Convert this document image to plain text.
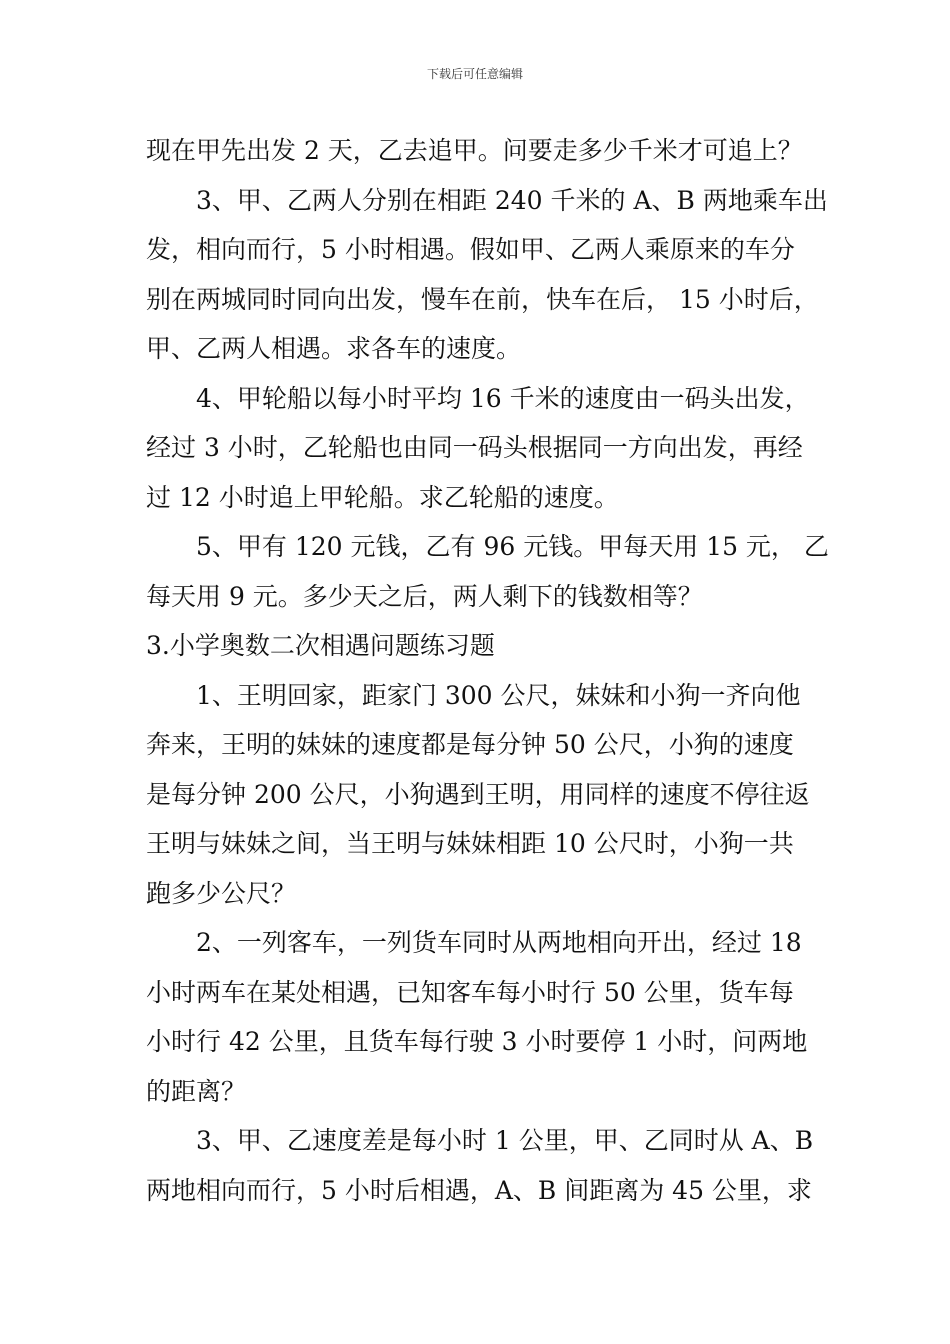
下载后可任意编辑
现在甲先出发 2 天，乙去追甲。问要走多少千米才可追上？
3、甲、乙两人分别在相距 240 千米的 A、B 两地乘车出
发，相向而行，5 小时相遇。假如甲、乙两人乘原来的车分
别在两城同时同向出发，慢车在前，快车在后， 15 小时后，
甲、乙两人相遇。求各车的速度。
4、甲轮船以每小时平均 16 千米的速度由一码头出发，
经过 3 小时，乙轮船也由同一码头根据同一方向出发，再经
过 12 小时追上甲轮船。求乙轮船的速度。
5、甲有 120 元钱，乙有 96 元钱。甲每天用 15 元， 乙
每天用 9 元。多少天之后，两人剩下的钱数相等？
3.小学奥数二次相遇问题练习题
1、王明回家，距家门 300 公尺，妹妹和小狗一齐向他
奔来，王明的妹妹的速度都是每分钟 50 公尺，小狗的速度
是每分钟 200 公尺，小狗遇到王明，用同样的速度不停往返
王明与妹妹之间，当王明与妹妹相距 10 公尺时，小狗一共
跑多少公尺？
2、一列客车，一列货车同时从两地相向开出，经过 18
小时两车在某处相遇，已知客车每小时行 50 公里，货车每
小时行 42 公里，且货车每行驶 3 小时要停 1 小时，问两地
的距离？
3、甲、乙速度差是每小时 1 公里，甲、乙同时从 A、B
两地相向而行，5 小时后相遇，A、B 间距离为 45 公里，求
